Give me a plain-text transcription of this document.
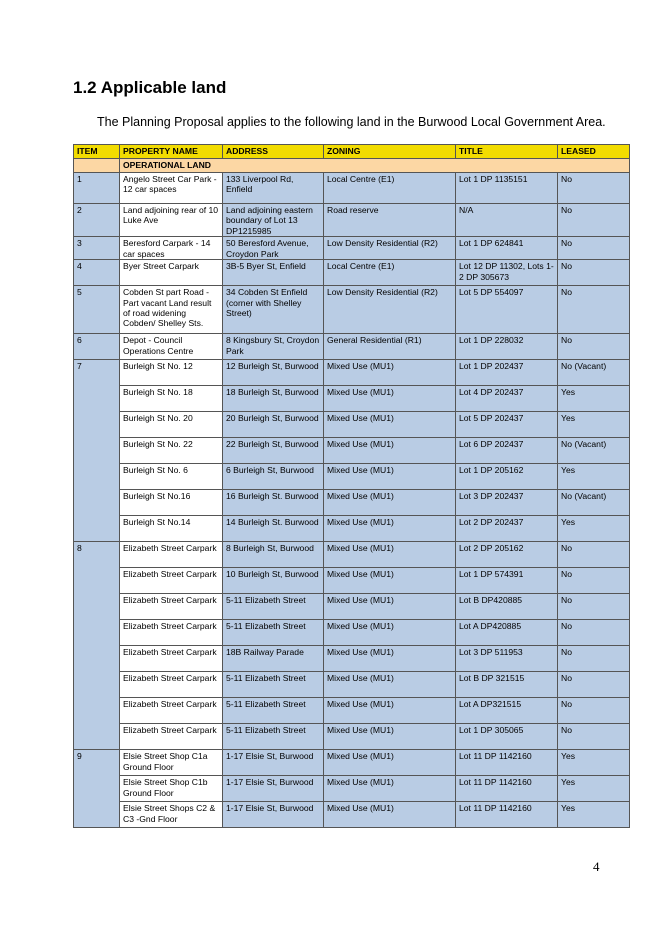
1.2 Applicable land

The Planning Proposal applies to the following land in the Burwood Local Government Area.

ITEM	PROPERTY NAME	ADDRESS	ZONING	TITLE	LEASED
	OPERATIONAL LAND				
1	Angelo Street Car Park - 12 car spaces	133 Liverpool Rd, Enfield	Local Centre (E1)	Lot 1 DP 1135151	No
2	Land adjoining rear of 10 Luke Ave	Land adjoining eastern boundary of Lot 13 DP1215985	Road reserve	N/A	No
3	Beresford Carpark - 14 car spaces	50 Beresford Avenue, Croydon Park	Low Density Residential (R2)	Lot 1 DP 624841	No
4	Byer Street Carpark	3B-5 Byer St, Enfield	Local Centre (E1)	Lot 12 DP 11302, Lots 1-2 DP 305673	No
5	Cobden St part Road - Part vacant Land result of road widening Cobden/ Shelley Sts.	34 Cobden St Enfield (corner with Shelley Street)	Low Density Residential (R2)	Lot 5 DP 554097	No
6	Depot - Council Operations Centre	8 Kingsbury St, Croydon Park	General Residential (R1)	Lot 1 DP 228032	No
7	Burleigh St No. 12	12 Burleigh St, Burwood	Mixed Use (MU1)	Lot 1 DP 202437	No (Vacant)
	Burleigh St No. 18	18 Burleigh St, Burwood	Mixed Use (MU1)	Lot 4 DP 202437	Yes
	Burleigh St No. 20	20 Burleigh St, Burwood	Mixed Use (MU1)	Lot 5 DP 202437	Yes
	Burleigh St No. 22	22 Burleigh St, Burwood	Mixed Use (MU1)	Lot 6 DP 202437	No (Vacant)
	Burleigh St No. 6	6 Burleigh St, Burwood	Mixed Use (MU1)	Lot 1 DP 205162	Yes
	Burleigh St No.16	16 Burleigh St. Burwood	Mixed Use (MU1)	Lot 3 DP 202437	No (Vacant)
	Burleigh St No.14	14 Burleigh St. Burwood	Mixed Use (MU1)	Lot 2 DP 202437	Yes
8	Elizabeth Street Carpark	8 Burleigh St, Burwood	Mixed Use (MU1)	Lot 2 DP 205162	No
	Elizabeth Street Carpark	10 Burleigh St, Burwood	Mixed Use (MU1)	Lot 1 DP 574391	No
	Elizabeth Street Carpark	5-11 Elizabeth Street	Mixed Use (MU1)	Lot B DP420885	No
	Elizabeth Street Carpark	5-11 Elizabeth Street	Mixed Use (MU1)	Lot A DP420885	No
	Elizabeth Street Carpark	18B Railway Parade	Mixed Use (MU1)	Lot 3 DP 511953	No
	Elizabeth Street Carpark	5-11 Elizabeth Street	Mixed Use (MU1)	Lot B DP 321515	No
	Elizabeth Street Carpark	5-11 Elizabeth Street	Mixed Use (MU1)	Lot A DP321515	No
	Elizabeth Street Carpark	5-11 Elizabeth Street	Mixed Use (MU1)	Lot 1 DP 305065	No
9	Elsie Street Shop C1a Ground Floor	1-17 Elsie St, Burwood	Mixed Use (MU1)	Lot 11 DP 1142160	Yes
	Elsie Street Shop C1b Ground Floor	1-17 Elsie St, Burwood	Mixed Use (MU1)	Lot 11 DP 1142160	Yes
	Elsie Street Shops C2 & C3 -Gnd Floor	1-17 Elsie St, Burwood	Mixed Use (MU1)	Lot 11 DP 1142160	Yes
4
